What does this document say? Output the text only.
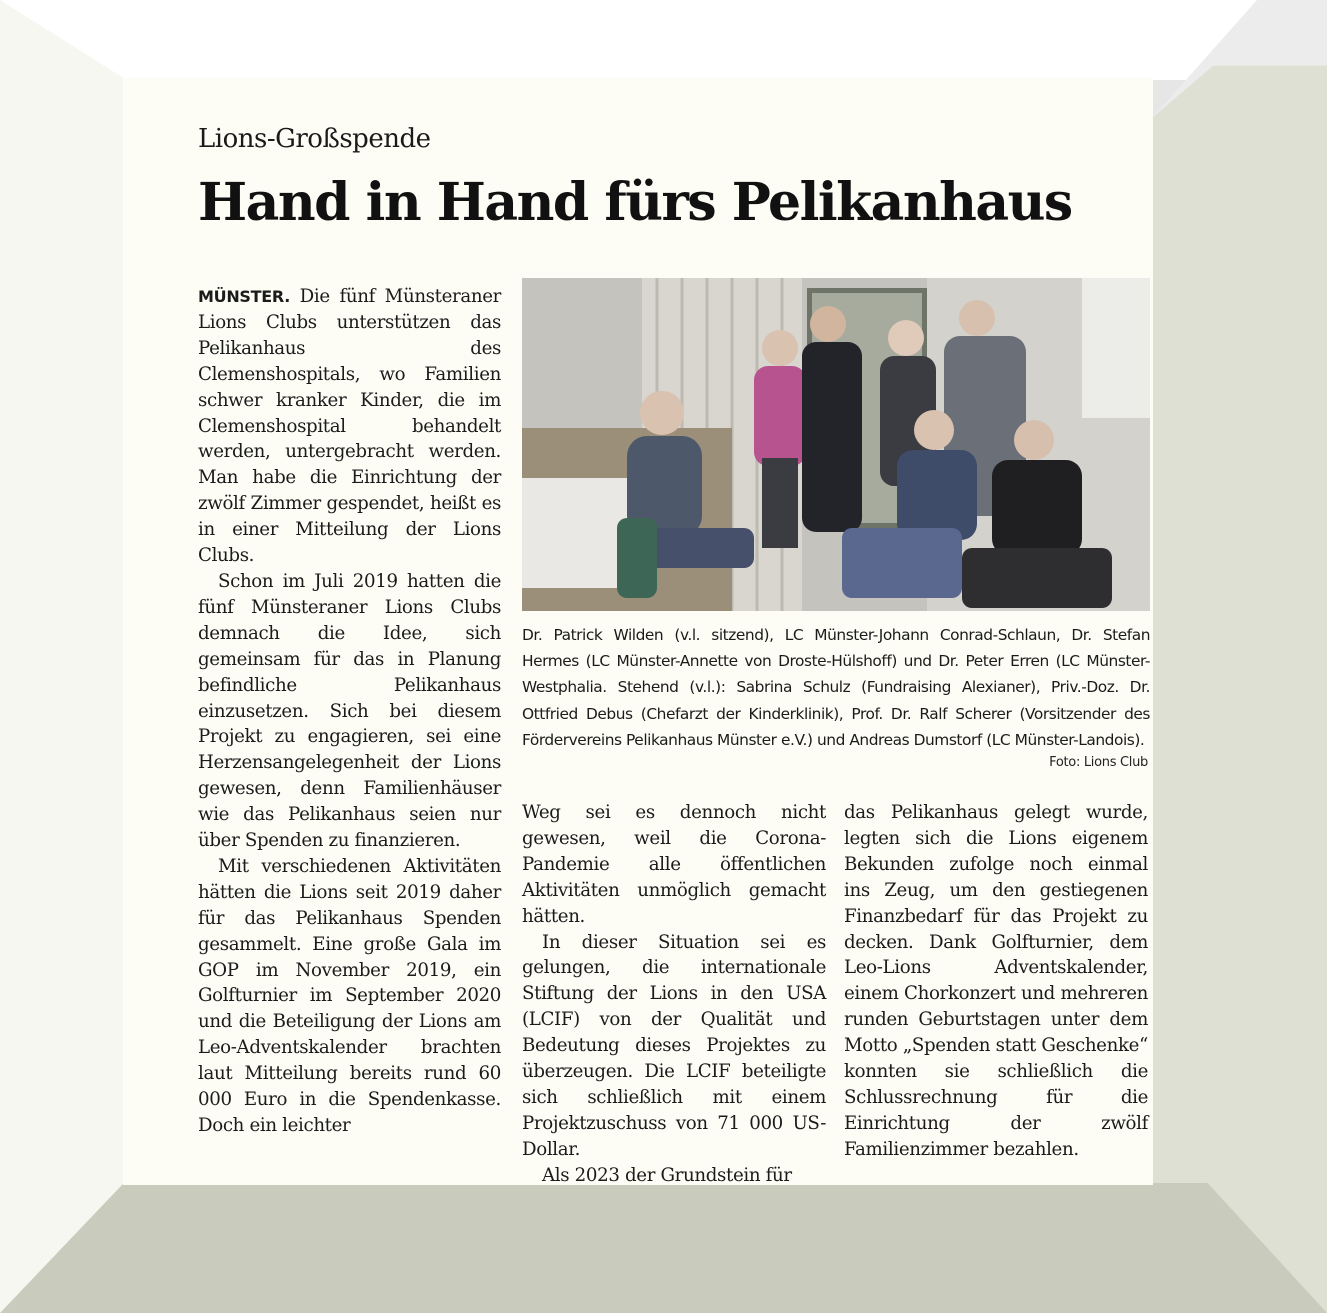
Lions-Großspende
Hand in Hand fürs Pelikanhaus

MÜNSTER. Die fünf Münsteraner Lions Clubs unterstützen das Pelikanhaus des Clemenshospitals, wo Familien schwer kranker Kinder, die im Clemenshospital behandelt werden, untergebracht werden. Man habe die Einrichtung der zwölf Zimmer gespendet, heißt es in einer Mitteilung der Lions Clubs.

Schon im Juli 2019 hatten die fünf Münsteraner Lions Clubs demnach die Idee, sich gemeinsam für das in Planung befindliche Pelikanhaus einzusetzen. Sich bei diesem Projekt zu engagieren, sei eine Herzensangelegenheit der Lions gewesen, denn Familienhäuser wie das Pelikanhaus seien nur über Spenden zu finanzieren.

Mit verschiedenen Aktivitäten hätten die Lions seit 2019 daher für das Pelikanhaus Spenden gesammelt. Eine große Gala im GOP im November 2019, ein Golfturnier im September 2020 und die Beteiligung der Lions am Leo-Adventskalender brachten laut Mitteilung bereits rund 60 000 Euro in die Spendenkasse. Doch ein leichter

Dr. Patrick Wilden (v.l. sitzend), LC Münster-Johann Conrad-Schlaun, Dr. Stefan Hermes (LC Münster-Annette von Droste-Hülshoff) und Dr. Peter Erren (LC Münster-Westphalia. Stehend (v.l.): Sabrina Schulz (Fundraising Alexianer), Priv.-Doz. Dr. Ottfried Debus (Chefarzt der Kinderklinik), Prof. Dr. Ralf Scherer (Vorsitzender des Fördervereins Pelikanhaus Münster e.V.) und Andreas Dumstorf (LC Münster-Landois).
Foto: Lions Club

Weg sei es dennoch nicht gewesen, weil die Corona-Pandemie alle öffentlichen Aktivitäten unmöglich gemacht hätten.

In dieser Situation sei es gelungen, die internationale Stiftung der Lions in den USA (LCIF) von der Qualität und Bedeutung dieses Projektes zu überzeugen. Die LCIF beteiligte sich schließlich mit einem Projektzuschuss von 71 000 US-Dollar.

Als 2023 der Grundstein für

das Pelikanhaus gelegt wurde, legten sich die Lions eigenem Bekunden zufolge noch einmal ins Zeug, um den gestiegenen Finanzbedarf für das Projekt zu decken. Dank Golfturnier, dem Leo-Lions Adventskalender, einem Chorkonzert und mehreren runden Geburtstagen unter dem Motto „Spenden statt Geschenke“ konnten sie schließlich die Schlussrechnung für die Einrichtung der zwölf Familienzimmer bezahlen.
